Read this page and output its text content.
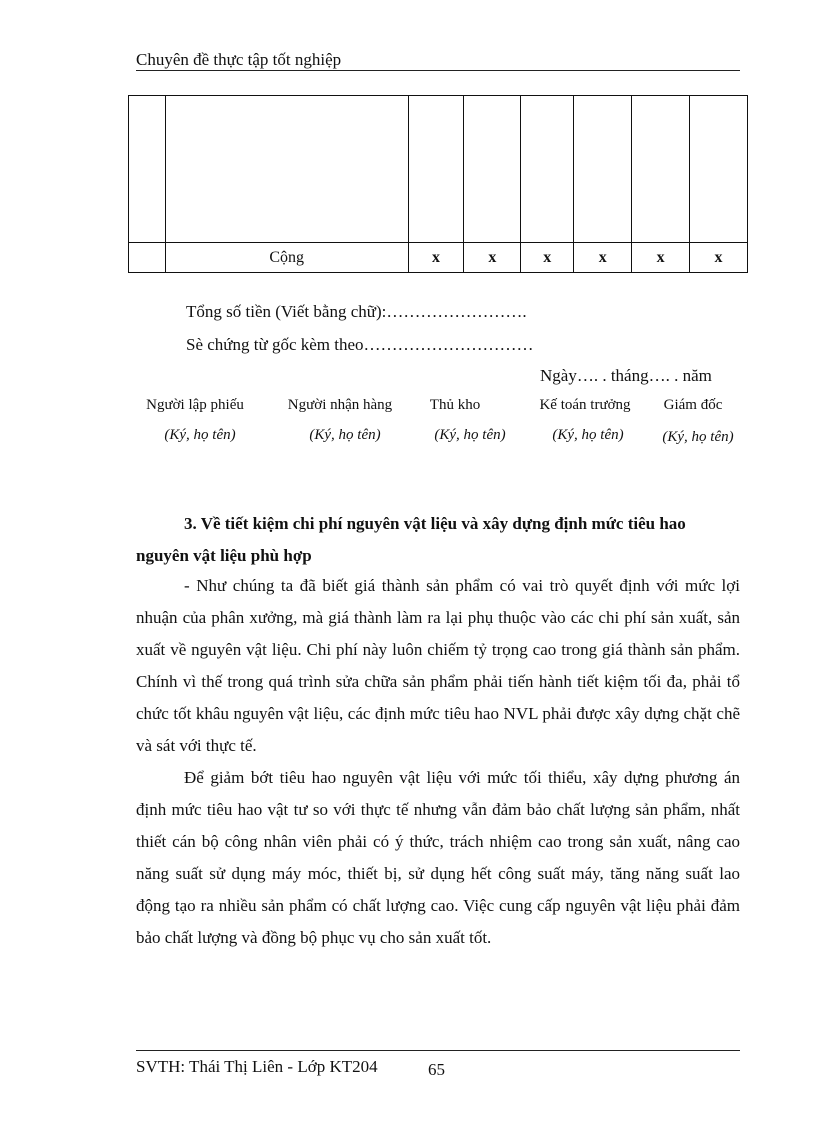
Chuyên đề thực tập tốt nghiệp

	Cộng	x	x	x	x	x	x
Tổng số tiền (Viết bằng chữ):…………………….
Sè chứng từ gốc kèm theo…………………………
Ngày…. . tháng…. . năm
Người lập phiếu	Người nhận hàng	Thủ kho	Kế toán trưởng	Giám đốc
(Ký, họ tên)	(Ký, họ tên)	(Ký, họ tên)	(Ký, họ tên)	(Ký, họ tên)
3. Về tiết kiệm chi phí nguyên vật liệu và xây dựng định mức tiêu hao nguyên vật liệu phù hợp
- Như chúng ta đã biết giá thành sản phẩm có vai trò quyết định với mức lợi nhuận của phân xưởng, mà giá thành làm ra lại phụ thuộc vào các chi phí sản xuất, sản xuất về nguyên vật liệu. Chi phí này luôn chiếm tỷ trọng cao trong giá thành sản phẩm. Chính vì thế trong quá trình sửa chữa sản phẩm phải tiến hành tiết kiệm tối đa, phải tổ chức tốt khâu nguyên vật liệu, các định mức tiêu hao NVL phải được xây dựng chặt chẽ và sát với thực tế.
Để giảm bớt tiêu hao nguyên vật liệu với mức tối thiểu, xây dựng phương án định mức tiêu hao vật tư so với thực tế nhưng vẫn đảm bảo chất lượng sản phẩm, nhất thiết cán bộ công nhân viên phải có ý thức, trách nhiệm cao trong sản xuất, nâng cao năng suất sử dụng máy móc, thiết bị, sử dụng hết công suất máy, tăng năng suất lao động tạo ra nhiều sản phẩm có chất lượng cao. Việc cung cấp nguyên vật liệu phải đảm bảo chất lượng và đồng bộ phục vụ cho sản xuất tốt.
SVTH: Thái Thị Liên - Lớp KT204	65
